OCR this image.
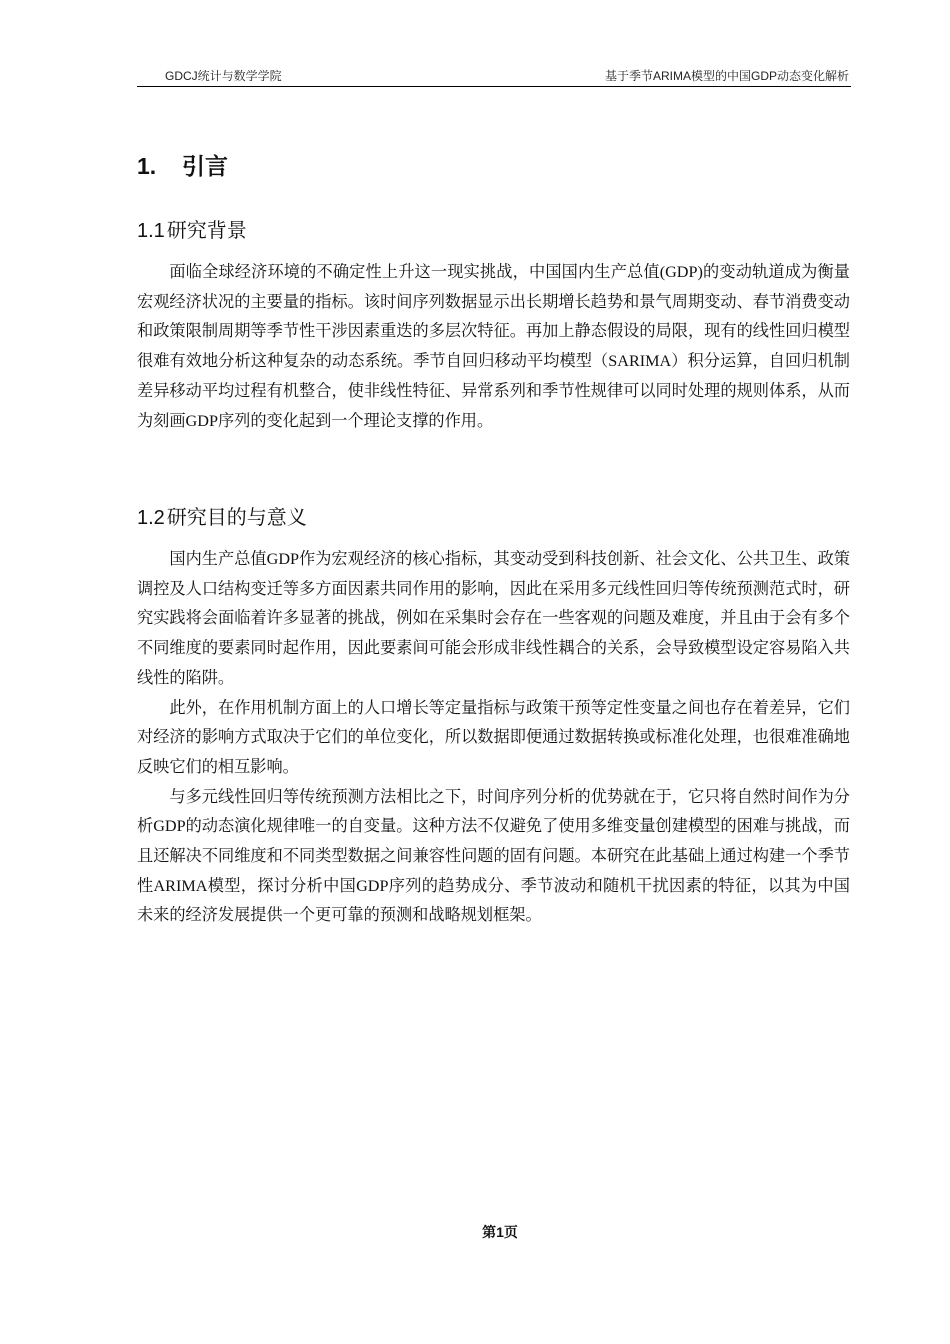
GDCJ统计与数学学院	基于季节ARIMA模型的中国GDP动态变化解析
1. 引言
1.1 研究背景

面临全球经济环境的不确定性上升这一现实挑战，中国国内生产总值(GDP)的变动轨道成为衡量宏观经济状况的主要量的指标。该时间序列数据显示出长期增长趋势和景气周期变动、春节消费变动和政策限制周期等季节性干涉因素重迭的多层次特征。再加上静态假设的局限，现有的线性回归模型很难有效地分析这种复杂的动态系统。季节自回归移动平均模型（SARIMA）积分运算，自回归机制差异移动平均过程有机整合，使非线性特征、异常系列和季节性规律可以同时处理的规则体系，从而为刻画GDP序列的变化起到一个理论支撑的作用。

1.2 研究目的与意义

国内生产总值GDP作为宏观经济的核心指标，其变动受到科技创新、社会文化、公共卫生、政策调控及人口结构变迁等多方面因素共同作用的影响，因此在采用多元线性回归等传统预测范式时，研究实践将会面临着许多显著的挑战，例如在采集时会存在一些客观的问题及难度，并且由于会有多个不同维度的要素同时起作用，因此要素间可能会形成非线性耦合的关系，会导致模型设定容易陷入共线性的陷阱。

此外，在作用机制方面上的人口增长等定量指标与政策干预等定性变量之间也存在着差异，它们对经济的影响方式取决于它们的单位变化，所以数据即便通过数据转换或标准化处理，也很难准确地反映它们的相互影响。

与多元线性回归等传统预测方法相比之下，时间序列分析的优势就在于，它只将自然时间作为分析GDP的动态演化规律唯一的自变量。这种方法不仅避免了使用多维变量创建模型的困难与挑战，而且还解决不同维度和不同类型数据之间兼容性问题的固有问题。本研究在此基础上通过构建一个季节性ARIMA模型，探讨分析中国GDP序列的趋势成分、季节波动和随机干扰因素的特征，以其为中国未来的经济发展提供一个更可靠的预测和战略规划框架。

第1页
